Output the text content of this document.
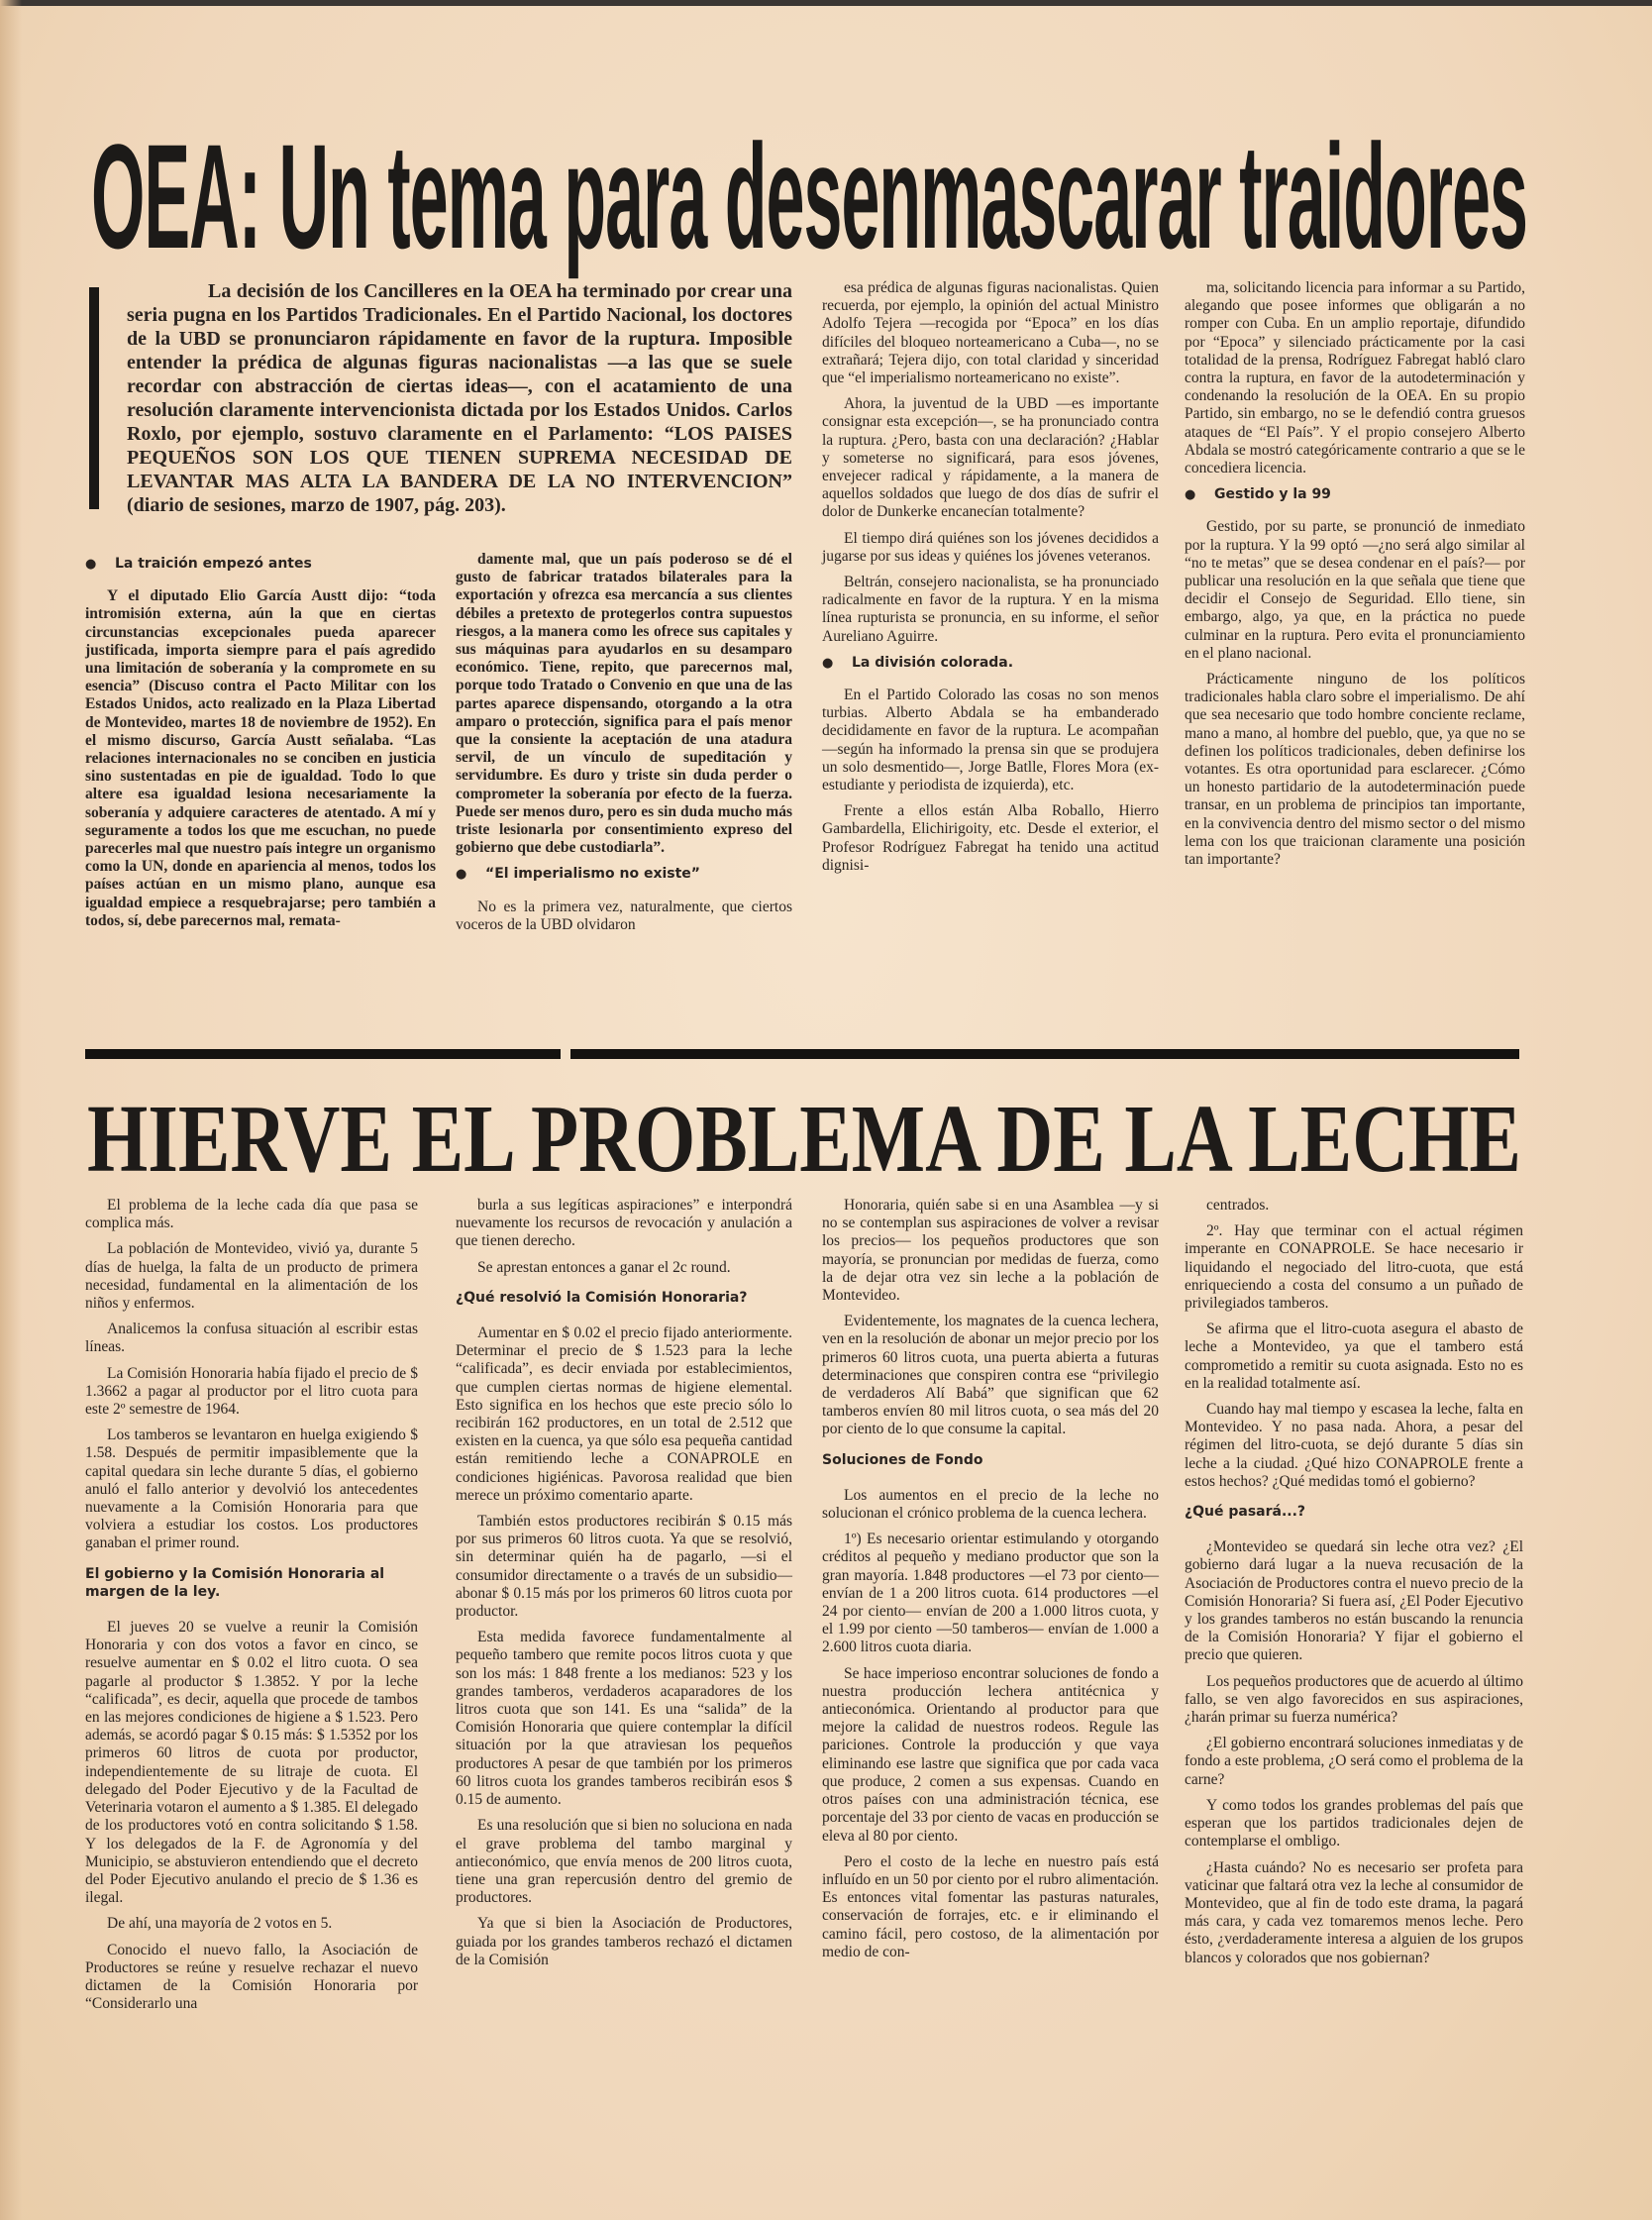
OEA: Un tema para desenmascarar traidores

La decisión de los Cancilleres en la OEA ha terminado por crear una seria pugna en los Partidos Tradicionales. En el Partido Nacional, los doctores de la UBD se pronunciaron rápidamente en favor de la ruptura. Imposible entender la prédica de algunas figuras nacionalistas —a las que se suele recordar con abstracción de ciertas ideas—, con el acatamiento de una resolución claramente intervencionista dictada por los Estados Unidos. Carlos Roxlo, por ejemplo, sostuvo claramente en el Parlamento: “LOS PAISES PEQUEÑOS SON LOS QUE TIENEN SUPREMA NECESIDAD DE LEVANTAR MAS ALTA LA BANDERA DE LA NO INTERVENCION” (diario de sesiones, marzo de 1907, pág. 203).

● La traición empezó antes

Y el diputado Elio García Austt dijo: “toda intromisión externa, aún la que en ciertas circunstancias excepcionales pueda aparecer justificada, importa siempre para el país agredido una limitación de soberanía y la compromete en su esencia” (Discuso contra el Pacto Militar con los Estados Unidos, acto realizado en la Plaza Libertad de Montevideo, martes 18 de noviembre de 1952). En el mismo discurso, García Austt señalaba. “Las relaciones internacionales no se conciben en justicia sino sustentadas en pie de igualdad. Todo lo que altere esa igualdad lesiona necesariamente la soberanía y adquiere caracteres de atentado. A mí y seguramente a todos los que me escuchan, no puede parecerles mal que nuestro país integre un organismo como la UN, donde en apariencia al menos, todos los países actúan en un mismo plano, aunque esa igualdad empiece a resquebrajarse; pero también a todos, sí, debe parecernos mal, remata-

damente mal, que un país poderoso se dé el gusto de fabricar tratados bilaterales para la exportación y ofrezca esa mercancía a sus clientes débiles a pretexto de protegerlos contra supuestos riesgos, a la manera como les ofrece sus capitales y sus máquinas para ayudarlos en su desamparo económico. Tiene, repito, que parecernos mal, porque todo Tratado o Convenio en que una de las partes aparece dispensando, otorgando a la otra amparo o protección, significa para el país menor que la consiente la aceptación de una atadura servil, de un vínculo de supeditación y servidumbre. Es duro y triste sin duda perder o comprometer la soberanía por efecto de la fuerza. Puede ser menos duro, pero es sin duda mucho más triste lesionarla por consentimiento expreso del gobierno que debe custodiarla”.

● “El imperialismo no existe”

No es la primera vez, naturalmente, que ciertos voceros de la UBD olvidaron

esa prédica de algunas figuras nacionalistas. Quien recuerda, por ejemplo, la opinión del actual Ministro Adolfo Tejera —recogida por “Epoca” en los días difíciles del bloqueo norteamericano a Cuba—, no se extrañará; Tejera dijo, con total claridad y sinceridad que “el imperialismo norteamericano no existe”.

Ahora, la juventud de la UBD —es importante consignar esta excepción—, se ha pronunciado contra la ruptura. ¿Pero, basta con una declaración? ¿Hablar y someterse no significará, para esos jóvenes, envejecer radical y rápidamente, a la manera de aquellos soldados que luego de dos días de sufrir el dolor de Dunkerke encanecían totalmente?

El tiempo dirá quiénes son los jóvenes decididos a jugarse por sus ideas y quiénes los jóvenes veteranos.

Beltrán, consejero nacionalista, se ha pronunciado radicalmente en favor de la ruptura. Y en la misma línea rupturista se pronuncia, en su informe, el señor Aureliano Aguirre.

● La división colorada.

En el Partido Colorado las cosas no son menos turbias. Alberto Abdala se ha embanderado decididamente en favor de la ruptura. Le acompañan —según ha informado la prensa sin que se produjera un solo desmentido—, Jorge Batlle, Flores Mora (ex-estudiante y periodista de izquierda), etc.

Frente a ellos están Alba Roballo, Hierro Gambardella, Elichirigoity, etc. Desde el exterior, el Profesor Rodríguez Fabregat ha tenido una actitud dignisi-

ma, solicitando licencia para informar a su Partido, alegando que posee informes que obligarán a no romper con Cuba. En un amplio reportaje, difundido por “Epoca” y silenciado prácticamente por la casi totalidad de la prensa, Rodríguez Fabregat habló claro contra la ruptura, en favor de la autodeterminación y condenando la resolución de la OEA. En su propio Partido, sin embargo, no se le defendió contra gruesos ataques de “El País”. Y el propio consejero Alberto Abdala se mostró categóricamente contrario a que se le concediera licencia.

● Gestido y la 99

Gestido, por su parte, se pronunció de inmediato por la ruptura. Y la 99 optó —¿no será algo similar al “no te metas” que se desea condenar en el país?— por publicar una resolución en la que señala que tiene que decidir el Consejo de Seguridad. Ello tiene, sin embargo, algo, ya que, en la práctica no puede culminar en la ruptura. Pero evita el pronunciamiento en el plano nacional.

Prácticamente ninguno de los políticos tradicionales habla claro sobre el imperialismo. De ahí que sea necesario que todo hombre conciente reclame, mano a mano, al hombre del pueblo, que, ya que no se definen los políticos tradicionales, deben definirse los votantes. Es otra oportunidad para esclarecer. ¿Cómo un honesto partidario de la autodeterminación puede transar, en un problema de principios tan importante, en la convivencia dentro del mismo sector o del mismo lema con los que traicionan claramente una posición tan importante?

HIERVE EL PROBLEMA DE LA LECHE

El problema de la leche cada día que pasa se complica más.

La población de Montevideo, vivió ya, durante 5 días de huelga, la falta de un producto de primera necesidad, fundamental en la alimentación de los niños y enfermos.

Analicemos la confusa situación al escribir estas líneas.

La Comisión Honoraria había fijado el precio de $ 1.3662 a pagar al productor por el litro cuota para este 2º semestre de 1964.

Los tamberos se levantaron en huelga exigiendo $ 1.58. Después de permitir impasiblemente que la capital quedara sin leche durante 5 días, el gobierno anuló el fallo anterior y devolvió los antecedentes nuevamente a la Comisión Honoraria para que volviera a estudiar los costos. Los productores ganaban el primer round.

El gobierno y la Comisión Honoraria al margen de la ley.

El jueves 20 se vuelve a reunir la Comisión Honoraria y con dos votos a favor en cinco, se resuelve aumentar en $ 0.02 el litro cuota. O sea pagarle al productor $ 1.3852. Y por la leche “calificada”, es decir, aquella que procede de tambos en las mejores condiciones de higiene a $ 1.523. Pero además, se acordó pagar $ 0.15 más: $ 1.5352 por los primeros 60 litros de cuota por productor, independientemente de su litraje de cuota. El delegado del Poder Ejecutivo y de la Facultad de Veterinaria votaron el aumento a $ 1.385. El delegado de los productores votó en contra solicitando $ 1.58. Y los delegados de la F. de Agronomía y del Municipio, se abstuvieron entendiendo que el decreto del Poder Ejecutivo anulando el precio de $ 1.36 es ilegal.

De ahí, una mayoría de 2 votos en 5.

Conocido el nuevo fallo, la Asociación de Productores se reúne y resuelve rechazar el nuevo dictamen de la Comisión Honoraria por “Considerarlo una

burla a sus legíticas aspiraciones” e interpondrá nuevamente los recursos de revocación y anulación a que tienen derecho.

Se aprestan entonces a ganar el 2c round.

¿Qué resolvió la Comisión Honoraria?

Aumentar en $ 0.02 el precio fijado anteriormente. Determinar el precio de $ 1.523 para la leche “calificada”, es decir enviada por establecimientos, que cumplen ciertas normas de higiene elemental. Esto significa en los hechos que este precio sólo lo recibirán 162 productores, en un total de 2.512 que existen en la cuenca, ya que sólo esa pequeña cantidad están remitiendo leche a CONAPROLE en condiciones higiénicas. Pavorosa realidad que bien merece un próximo comentario aparte.

También estos productores recibirán $ 0.15 más por sus primeros 60 litros cuota. Ya que se resolvió, sin determinar quién ha de pagarlo, —si el consumidor directamente o a través de un subsidio— abonar $ 0.15 más por los primeros 60 litros cuota por productor.

Esta medida favorece fundamentalmente al pequeño tambero que remite pocos litros cuota y que son los más: 1 848 frente a los medianos: 523 y los grandes tamberos, verdaderos acaparadores de los litros cuota que son 141. Es una “salida” de la Comisión Honoraria que quiere contemplar la difícil situación por la que atraviesan los pequeños productores A pesar de que también por los primeros 60 litros cuota los grandes tamberos recibirán esos $ 0.15 de aumento.

Es una resolución que si bien no soluciona en nada el grave problema del tambo marginal y antieconómico, que envía menos de 200 litros cuota, tiene una gran repercusión dentro del gremio de productores.

Ya que si bien la Asociación de Productores, guiada por los grandes tamberos rechazó el dictamen de la Comisión

Honoraria, quién sabe si en una Asamblea —y si no se contemplan sus aspiraciones de volver a revisar los precios— los pequeños productores que son mayoría, se pronuncian por medidas de fuerza, como la de dejar otra vez sin leche a la población de Montevideo.

Evidentemente, los magnates de la cuenca lechera, ven en la resolución de abonar un mejor precio por los primeros 60 litros cuota, una puerta abierta a futuras determinaciones que conspiren contra ese “privilegio de verdaderos Alí Babá” que significan que 62 tamberos envíen 80 mil litros cuota, o sea más del 20 por ciento de lo que consume la capital.

Soluciones de Fondo

Los aumentos en el precio de la leche no solucionan el crónico problema de la cuenca lechera.

1º) Es necesario orientar estimulando y otorgando créditos al pequeño y mediano productor que son la gran mayoría. 1.848 productores —el 73 por ciento— envían de 1 a 200 litros cuota. 614 productores —el 24 por ciento— envían de 200 a 1.000 litros cuota, y el 1.99 por ciento —50 tamberos— envían de 1.000 a 2.600 litros cuota diaria.

Se hace imperioso encontrar soluciones de fondo a nuestra producción lechera antitécnica y antieconómica. Orientando al productor para que mejore la calidad de nuestros rodeos. Regule las pariciones. Controle la producción y que vaya eliminando ese lastre que significa que por cada vaca que produce, 2 comen a sus expensas. Cuando en otros países con una administración técnica, ese porcentaje del 33 por ciento de vacas en producción se eleva al 80 por ciento.

Pero el costo de la leche en nuestro país está influído en un 50 por ciento por el rubro alimentación. Es entonces vital fomentar las pasturas naturales, conservación de forrajes, etc. e ir eliminando el camino fácil, pero costoso, de la alimentación por medio de con-

centrados.

2º. Hay que terminar con el actual régimen imperante en CONAPROLE. Se hace necesario ir liquidando el negociado del litro-cuota, que está enriqueciendo a costa del consumo a un puñado de privilegiados tamberos.

Se afirma que el litro-cuota asegura el abasto de leche a Montevideo, ya que el tambero está comprometido a remitir su cuota asignada. Esto no es en la realidad totalmente así.

Cuando hay mal tiempo y escasea la leche, falta en Montevideo. Y no pasa nada. Ahora, a pesar del régimen del litro-cuota, se dejó durante 5 días sin leche a la ciudad. ¿Qué hizo CONAPROLE frente a estos hechos? ¿Qué medidas tomó el gobierno?

¿Qué pasará...?

¿Montevideo se quedará sin leche otra vez? ¿El gobierno dará lugar a la nueva recusación de la Asociación de Productores contra el nuevo precio de la Comisión Honoraria? Si fuera así, ¿El Poder Ejecutivo y los grandes tamberos no están buscando la renuncia de la Comisión Honoraria? Y fijar el gobierno el precio que quieren.

Los pequeños productores que de acuerdo al último fallo, se ven algo favorecidos en sus aspiraciones, ¿harán primar su fuerza numérica?

¿El gobierno encontrará soluciones inmediatas y de fondo a este problema, ¿O será como el problema de la carne?

Y como todos los grandes problemas del país que esperan que los partidos tradicionales dejen de contemplarse el ombligo.

¿Hasta cuándo? No es necesario ser profeta para vaticinar que faltará otra vez la leche al consumidor de Montevideo, que al fin de todo este drama, la pagará más cara, y cada vez tomaremos menos leche. Pero ésto, ¿verdaderamente interesa a alguien de los grupos blancos y colorados que nos gobiernan?
